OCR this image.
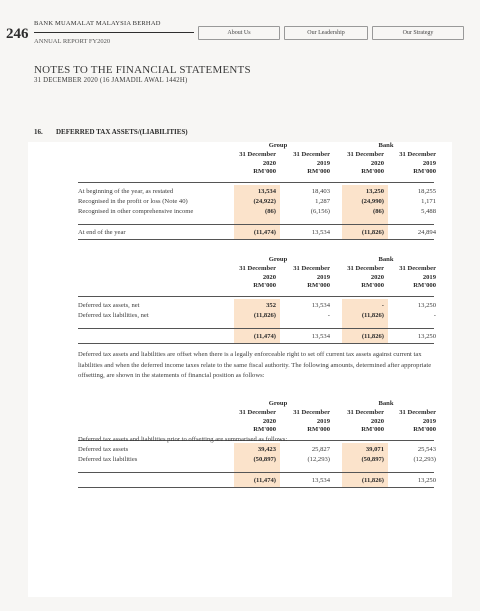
246
BANK MUAMALAT MALAYSIA BERHAD
ANNUAL REPORT FY2020
About Us	Our Leadership	Our Strategy
NOTES TO THE FINANCIAL STATEMENTS
31 DECEMBER 2020 (16 JAMADIL AWAL 1442H)
16. DEFERRED TAX ASSETS/(LIABILITIES)
Group	Bank
31 December
2020
RM'000
31 December
2019
RM'000
31 December
2020
RM'000
31 December
2019
RM'000
At beginning of the year, as restated	13,534	18,403	13,250	18,255
Recognised in the profit or loss (Note 40)	(24,922)	1,287	(24,990)	1,171
Recognised in other comprehensive income	(86)	(6,156)	(86)	5,488
At end of the year	(11,474)	13,534	(11,826)	24,894
Group	Bank
31 December
2020
RM'000
31 December
2019
RM'000
31 December
2020
RM'000
31 December
2019
RM'000
Deferred tax assets, net	352	13,534	-	13,250
Deferred tax liabilities, net	(11,826)	-	(11,826)	-
(11,474)	13,534	(11,826)	13,250
Group	Bank
31 December
2020
RM'000
31 December
2019
RM'000
31 December
2020
RM'000
31 December
2019
RM'000
Deferred tax assets	39,423	25,827	39,071	25,543
Deferred tax liabilities	(50,897)	(12,293)	(50,897)	(12,293)
(11,474)	13,534	(11,826)	13,250
Deferred tax assets and liabilities are offset when there is a legally enforceable right to set off current tax assets against current tax liabilities and when the deferred income taxes relate to the same fiscal authority. The following amounts, determined after appropriate offsetting, are shown in the statements of financial position as follows:
Deferred tax assets and liabilities prior to offsetting are summarised as follows:
